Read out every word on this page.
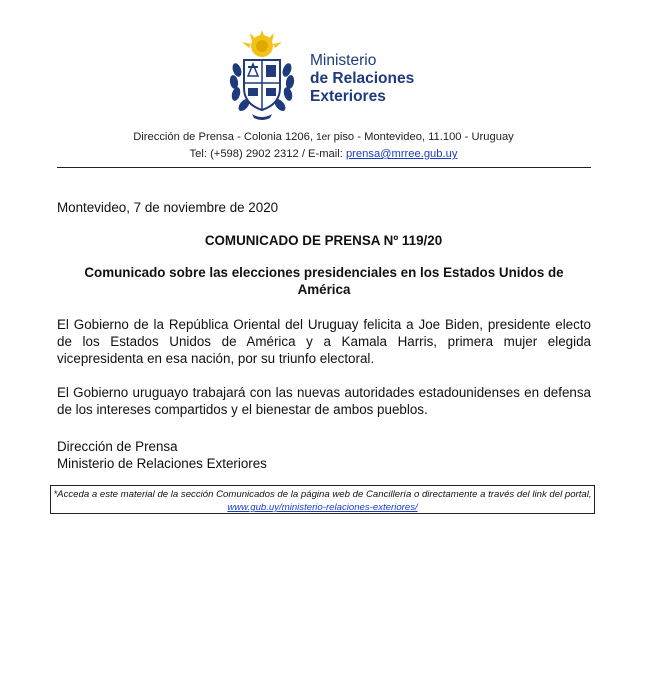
Ministerio
de Relaciones
Exteriores
Dirección de Prensa - Colonia 1206, 1er piso - Montevideo, 11.100 - Uruguay
Tel: (+598) 2902 2312 / E-mail: prensa@mrree.gub.uy
Montevideo, 7 de noviembre de 2020
COMUNICADO DE PRENSA Nº 119/20
Comunicado sobre las elecciones presidenciales en los Estados Unidos de América
El Gobierno de la República Oriental del Uruguay felicita a Joe Biden, presidente electo de los Estados Unidos de América y a Kamala Harris, primera mujer elegida vicepresidenta en esa nación, por su triunfo electoral.
El Gobierno uruguayo trabajará con las nuevas autoridades estadounidenses en defensa de los intereses compartidos y el bienestar de ambos pueblos.
Dirección de Prensa
Ministerio de Relaciones Exteriores
*Acceda a este material de la sección Comunicados de la página web de Cancillería o directamente a través del link del portal, www.gub.uy/ministerio-relaciones-exteriores/
